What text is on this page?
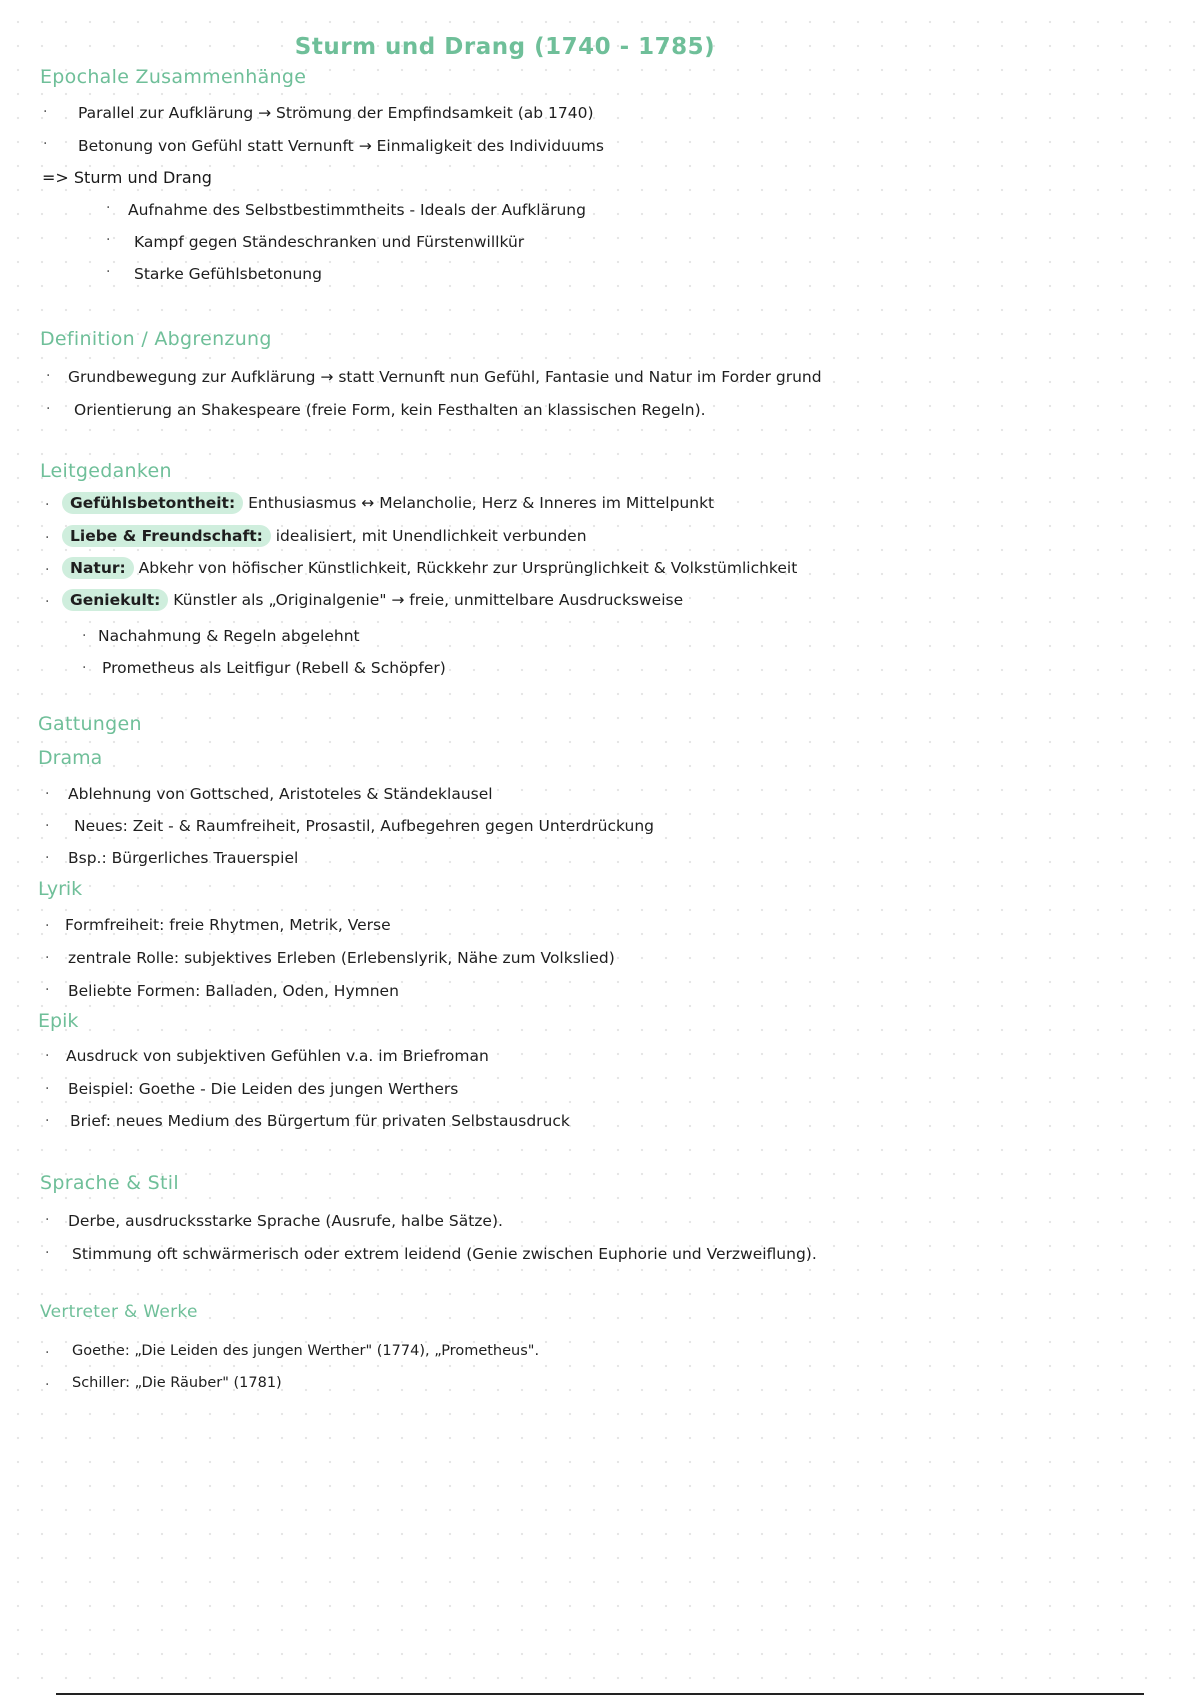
Sturm und Drang (1740 - 1785)
Epochale Zusammenhänge
· Parallel zur Aufklärung → Strömung der Empfindsamkeit (ab 1740)
· Betonung von Gefühl statt Vernunft → Einmaligkeit des Individuums
=> Sturm und Drang
· Aufnahme des Selbstbestimmtheits - Ideals der Aufklärung
· Kampf gegen Ständeschranken und Fürstenwillkür
· Starke Gefühlsbetonung
Definition / Abgrenzung
· Grundbewegung zur Aufklärung → statt Vernunft nun Gefühl, Fantasie und Natur im Forder grund
· Orientierung an Shakespeare (freie Form, kein Festhalten an klassischen Regeln).
Leitgedanken
·	Gefühlsbetontheit: Enthusiasmus ↔ Melancholie, Herz & Inneres im Mittelpunkt
·	Liebe & Freundschaft: idealisiert, mit Unendlichkeit verbunden
·	Natur: Abkehr von höfischer Künstlichkeit, Rückkehr zur Ursprünglichkeit & Volkstümlichkeit
·	Geniekult: Künstler als „Originalgenie" → freie, unmittelbare Ausdrucksweise
· Nachahmung & Regeln abgelehnt
· Prometheus als Leitfigur (Rebell & Schöpfer)
Gattungen
Drama
· Ablehnung von Gottsched, Aristoteles & Ständeklausel
· Neues: Zeit - & Raumfreiheit, Prosastil, Aufbegehren gegen Unterdrückung
· Bsp.: Bürgerliches Trauerspiel
Lyrik
· Formfreiheit: freie Rhytmen, Metrik, Verse
· zentrale Rolle: subjektives Erleben (Erlebenslyrik, Nähe zum Volkslied)
· Beliebte Formen: Balladen, Oden, Hymnen
Epik
· Ausdruck von subjektiven Gefühlen v.a. im Briefroman
· Beispiel: Goethe - Die Leiden des jungen Werthers
· Brief: neues Medium des Bürgertum für privaten Selbstausdruck
Sprache & Stil
· Derbe, ausdrucksstarke Sprache (Ausrufe, halbe Sätze).
· Stimmung oft schwärmerisch oder extrem leidend (Genie zwischen Euphorie und Verzweiflung).
Vertreter & Werke
· Goethe: „Die Leiden des jungen Werther" (1774), „Prometheus".
· Schiller: „Die Räuber" (1781)
